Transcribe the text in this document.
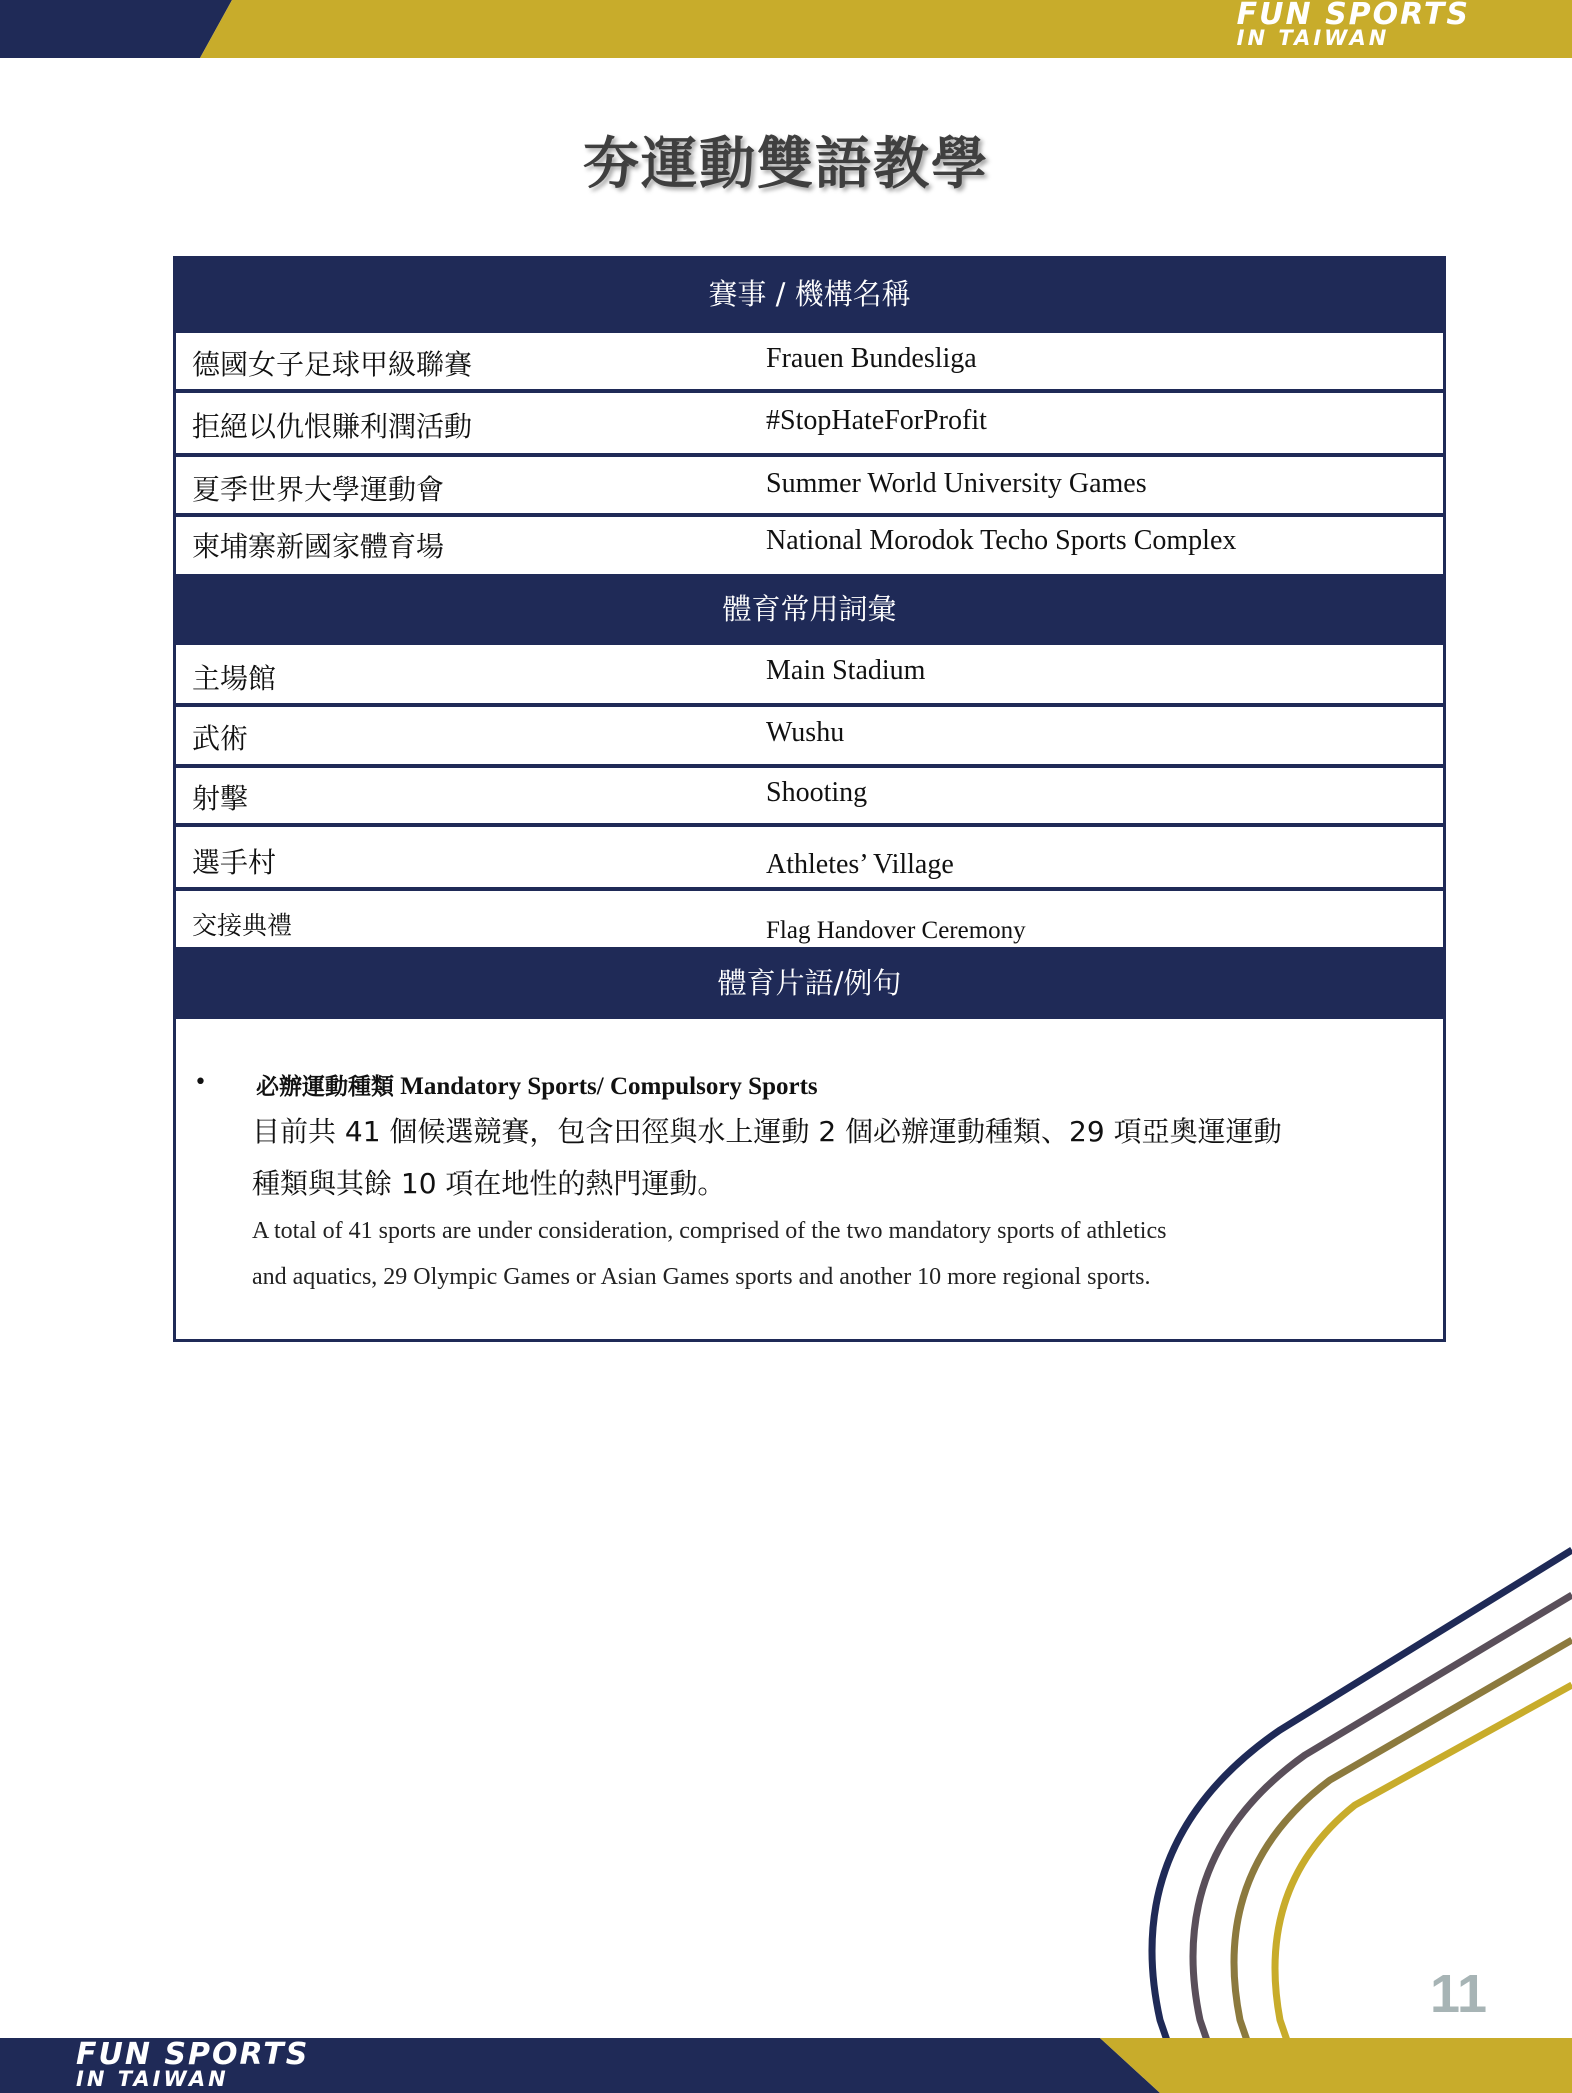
FUN SPORTS
IN TAIWAN
夯運動雙語教學
賽事 / 機構名稱
德國女子足球甲級聯賽	Frauen Bundesliga
拒絕以仇恨賺利潤活動	#StopHateForProfit
夏季世界大學運動會	Summer World University Games
柬埔寨新國家體育場	National Morodok Techo Sports Complex
體育常用詞彙
主場館	Main Stadium
武術	Wushu
射擊	Shooting
選手村	Athletes’ Village
交接典禮	Flag Handover Ceremony
體育片語/例句
• 必辦運動種類 Mandatory Sports/ Compulsory Sports
目前共 41 個候選競賽，包含田徑與水上運動 2 個必辦運動種類、29 項亞奧運運動
種類與其餘 10 項在地性的熱門運動。
A total of 41 sports are under consideration, comprised of the two mandatory sports of athletics
and aquatics, 29 Olympic Games or Asian Games sports and another 10 more regional sports.
11
FUN SPORTS
IN TAIWAN
